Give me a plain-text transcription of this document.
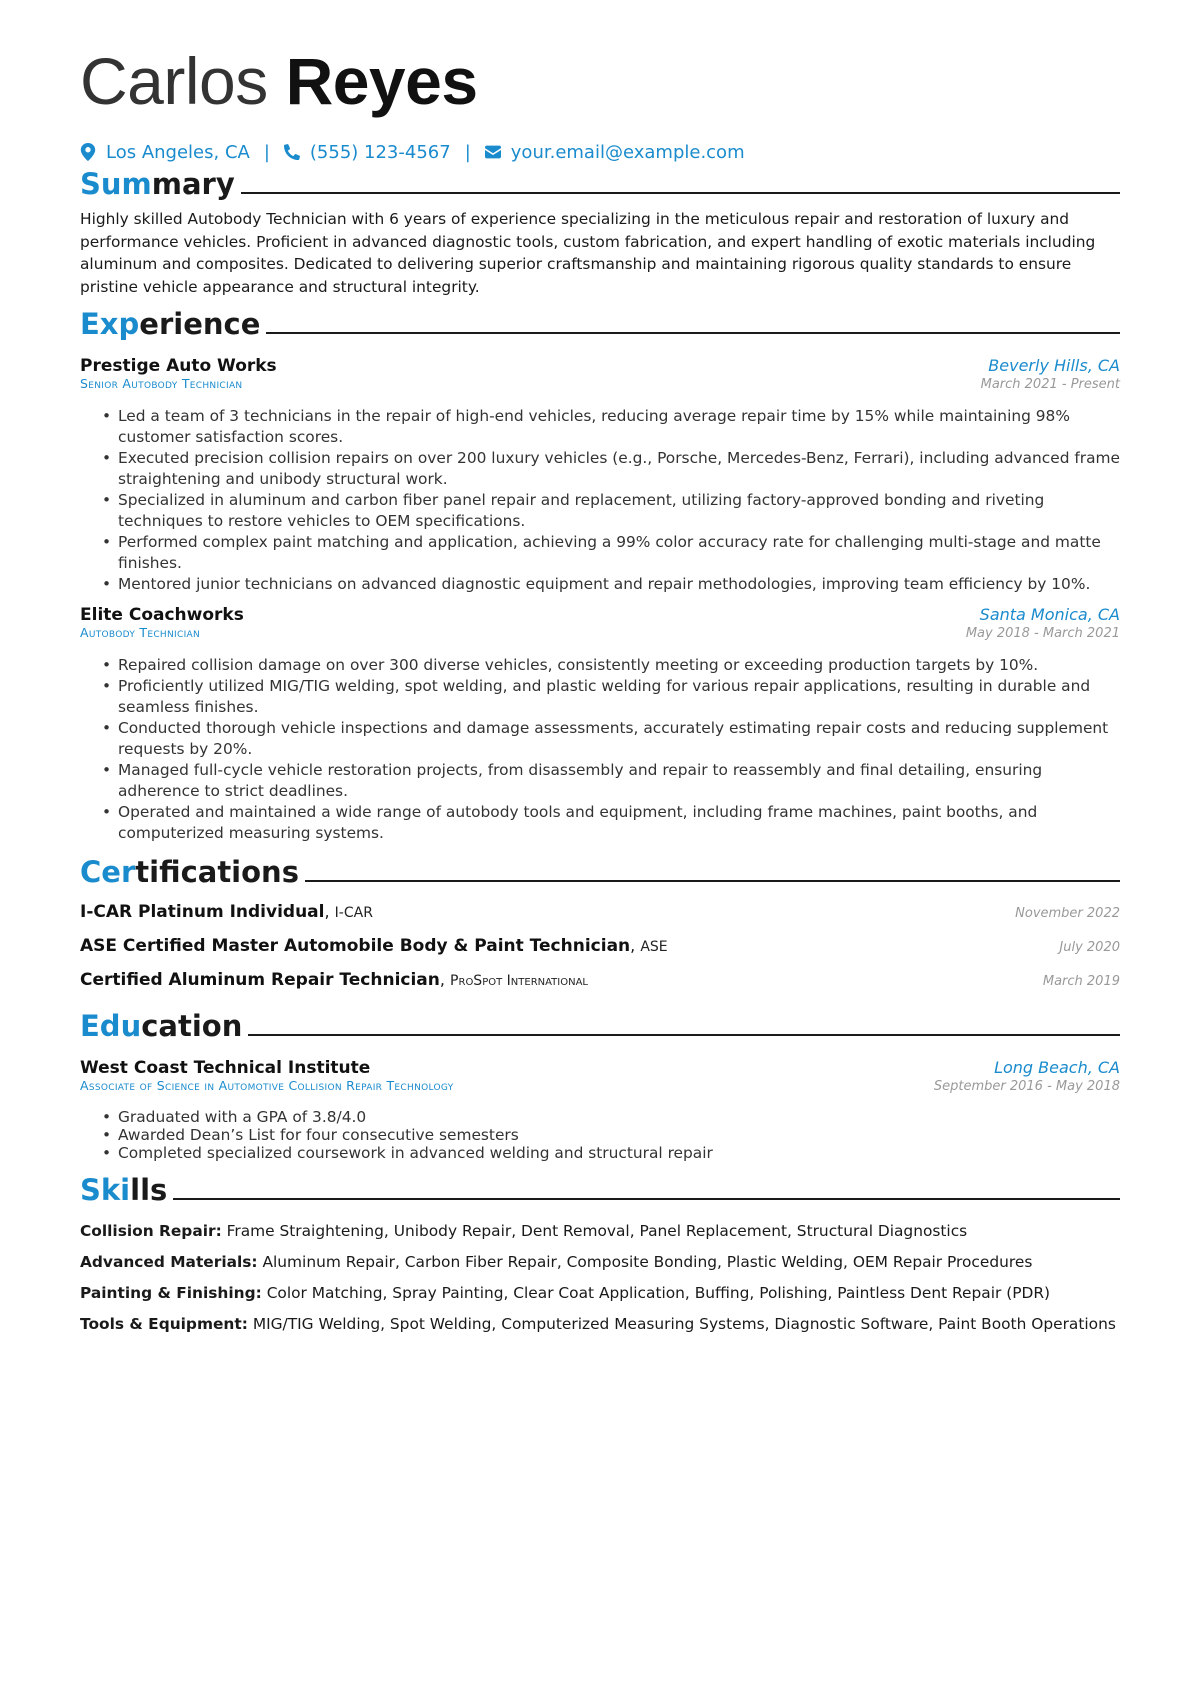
Carlos Reyes
Los Angeles, CA | (555) 123-4567 | your.email@example.com
Summary
Highly skilled Autobody Technician with 6 years of experience specializing in the meticulous repair and restoration of luxury and performance vehicles. Proficient in advanced diagnostic tools, custom fabrication, and expert handling of exotic materials including aluminum and composites. Dedicated to delivering superior craftsmanship and maintaining rigorous quality standards to ensure pristine vehicle appearance and structural integrity.
Experience
Prestige Auto Works	Beverly Hills, CA
Senior Autobody Technician	March 2021 - Present
• Led a team of 3 technicians in the repair of high-end vehicles, reducing average repair time by 15% while maintaining 98% customer satisfaction scores.
• Executed precision collision repairs on over 200 luxury vehicles (e.g., Porsche, Mercedes-Benz, Ferrari), including advanced frame straightening and unibody structural work.
• Specialized in aluminum and carbon fiber panel repair and replacement, utilizing factory-approved bonding and riveting techniques to restore vehicles to OEM specifications.
• Performed complex paint matching and application, achieving a 99% color accuracy rate for challenging multi-stage and matte finishes.
• Mentored junior technicians on advanced diagnostic equipment and repair methodologies, improving team efficiency by 10%.
Elite Coachworks	Santa Monica, CA
Autobody Technician	May 2018 - March 2021
• Repaired collision damage on over 300 diverse vehicles, consistently meeting or exceeding production targets by 10%.
• Proficiently utilized MIG/TIG welding, spot welding, and plastic welding for various repair applications, resulting in durable and seamless finishes.
• Conducted thorough vehicle inspections and damage assessments, accurately estimating repair costs and reducing supplement requests by 20%.
• Managed full-cycle vehicle restoration projects, from disassembly and repair to reassembly and final detailing, ensuring adherence to strict deadlines.
• Operated and maintained a wide range of autobody tools and equipment, including frame machines, paint booths, and computerized measuring systems.
Certifications
I-CAR Platinum Individual, I-CAR	November 2022
ASE Certified Master Automobile Body & Paint Technician, ASE	July 2020
Certified Aluminum Repair Technician, ProSpot International	March 2019
Education
West Coast Technical Institute	Long Beach, CA
Associate of Science in Automotive Collision Repair Technology	September 2016 - May 2018
• Graduated with a GPA of 3.8/4.0
• Awarded Dean’s List for four consecutive semesters
• Completed specialized coursework in advanced welding and structural repair
Skills
Collision Repair: Frame Straightening, Unibody Repair, Dent Removal, Panel Replacement, Structural Diagnostics
Advanced Materials: Aluminum Repair, Carbon Fiber Repair, Composite Bonding, Plastic Welding, OEM Repair Procedures
Painting & Finishing: Color Matching, Spray Painting, Clear Coat Application, Buffing, Polishing, Paintless Dent Repair (PDR)
Tools & Equipment: MIG/TIG Welding, Spot Welding, Computerized Measuring Systems, Diagnostic Software, Paint Booth Operations
